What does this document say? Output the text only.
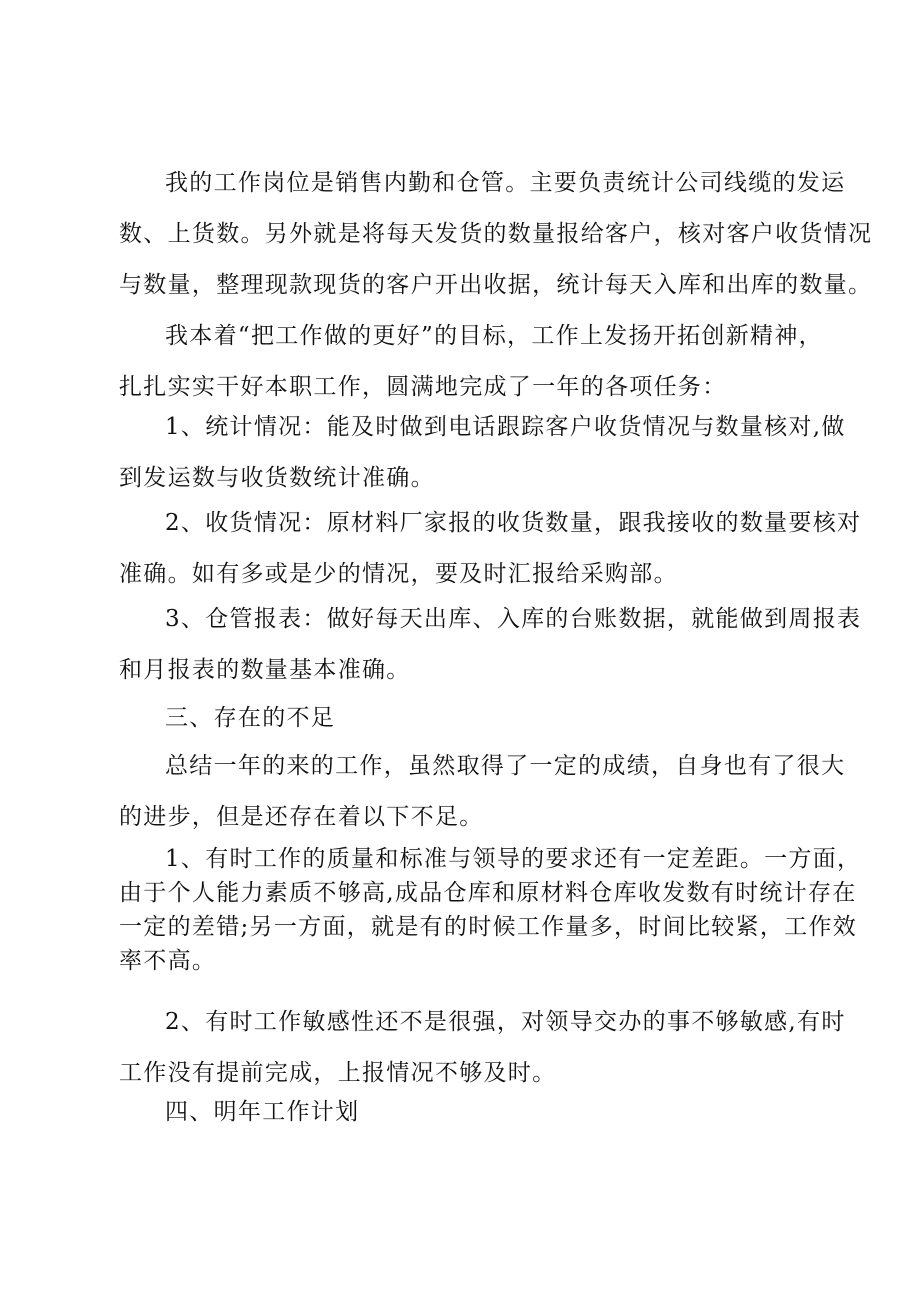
我的工作岗位是销售内勤和仓管。主要负责统计公司线缆的发运
数、上货数。另外就是将每天发货的数量报给客户，核对客户收货情况
与数量，整理现款现货的客户开出收据，统计每天入库和出库的数量。

我本着“把工作做的更好”的目标，工作上发扬开拓创新精神，
扎扎实实干好本职工作，圆满地完成了一年的各项任务：

1、统计情况：能及时做到电话跟踪客户收货情况与数量核对,做
到发运数与收货数统计准确。

2、收货情况：原材料厂家报的收货数量，跟我接收的数量要核对
准确。如有多或是少的情况，要及时汇报给采购部。

3、仓管报表：做好每天出库、入库的台账数据，就能做到周报表
和月报表的数量基本准确。

三、存在的不足

总结一年的来的工作，虽然取得了一定的成绩，自身也有了很大
的进步，但是还存在着以下不足。

1、有时工作的质量和标准与领导的要求还有一定差距。一方面，
由于个人能力素质不够高,成品仓库和原材料仓库收发数有时统计存在
一定的差错;另一方面，就是有的时候工作量多，时间比较紧，工作效
率不高。

2、有时工作敏感性还不是很强，对领导交办的事不够敏感,有时
工作没有提前完成，上报情况不够及时。

四、明年工作计划
